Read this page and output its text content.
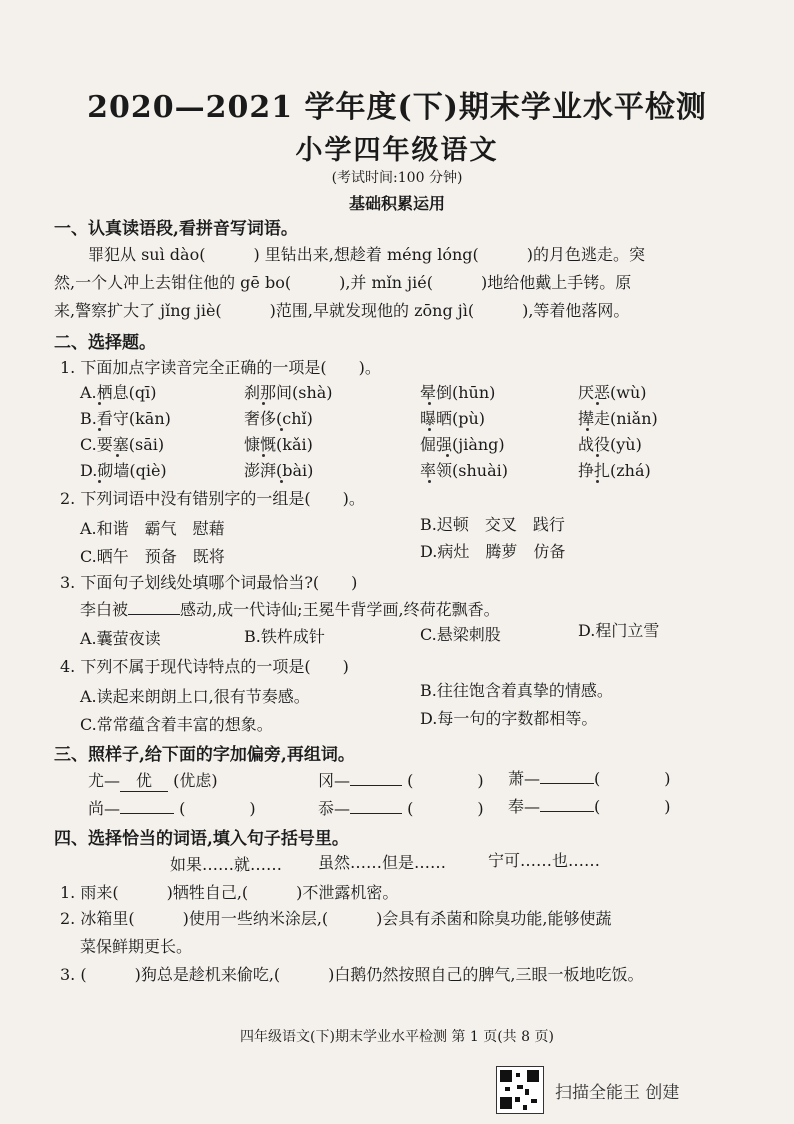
2020—2021 学年度(下)期末学业水平检测
小学四年级语文
(考试时间:100 分钟)
基础积累运用
一、认真读语段,看拼音写词语。
罪犯从 suì dào(　　　) 里钻出来,想趁着 méng lóng(　　　)的月色逃走。突
然,一个人冲上去钳住他的 gē bo(　　　),并 mǐn jié(　　　)地给他戴上手铐。原
来,警察扩大了 jǐng jiè(　　　)范围,早就发现他的 zōng jì(　　　),等着他落网。
二、选择题。
1. 下面加点字读音完全正确的一项是(　　)。
A.栖息(qī)	刹那间(shà)	晕倒(hūn)	厌恶(wù)
B.看守(kān)	奢侈(chǐ)	曝晒(pù)	撵走(niǎn)
C.要塞(sāi)	慷慨(kǎi)	倔强(jiàng)	战役(yù)
D.砌墙(qiè)	澎湃(bài)	率领(shuài)	挣扎(zhá)
2. 下列词语中没有错别字的一组是(　　)。
A.和谐　霸气　慰藉	B.迟顿　交叉　践行
C.晒午　预备　既将	D.病灶　腾萝　仿备
3. 下面句子划线处填哪个词最恰当?(　　)
李白被	感动,成一代诗仙;王冕牛背学画,终荷花飘香。
A.囊萤夜读	B.铁杵成针	C.悬梁刺股	D.程门立雪
4. 下列不属于现代诗特点的一项是(　　)
A.读起来朗朗上口,很有节奏感。	B.往往饱含着真挚的情感。
C.常常蕴含着丰富的想象。	D.每一句的字数都相等。
三、照样子,给下面的字加偏旁,再组词。
尤— 优 (优虑)	冈—	(　　　　) 萧—	(　　　　)
尚—	(　　　　)	忝—	(　　　　) 奉—	(　　　　)
四、选择恰当的词语,填入句子括号里。
如果……就…… 虽然……但是……	宁可……也……
1. 雨来(　　　)牺牲自己,(　　　)不泄露机密。
2. 冰箱里(　　　)使用一些纳米涂层,(　　　)会具有杀菌和除臭功能,能够使蔬
菜保鲜期更长。
3. (　　　)狗总是趁机来偷吃,(　　　)白鹅仍然按照自己的脾气,三眼一板地吃饭。
四年级语文(下)期末学业水平检测 第 1 页(共 8 页)
扫描全能王 创建
